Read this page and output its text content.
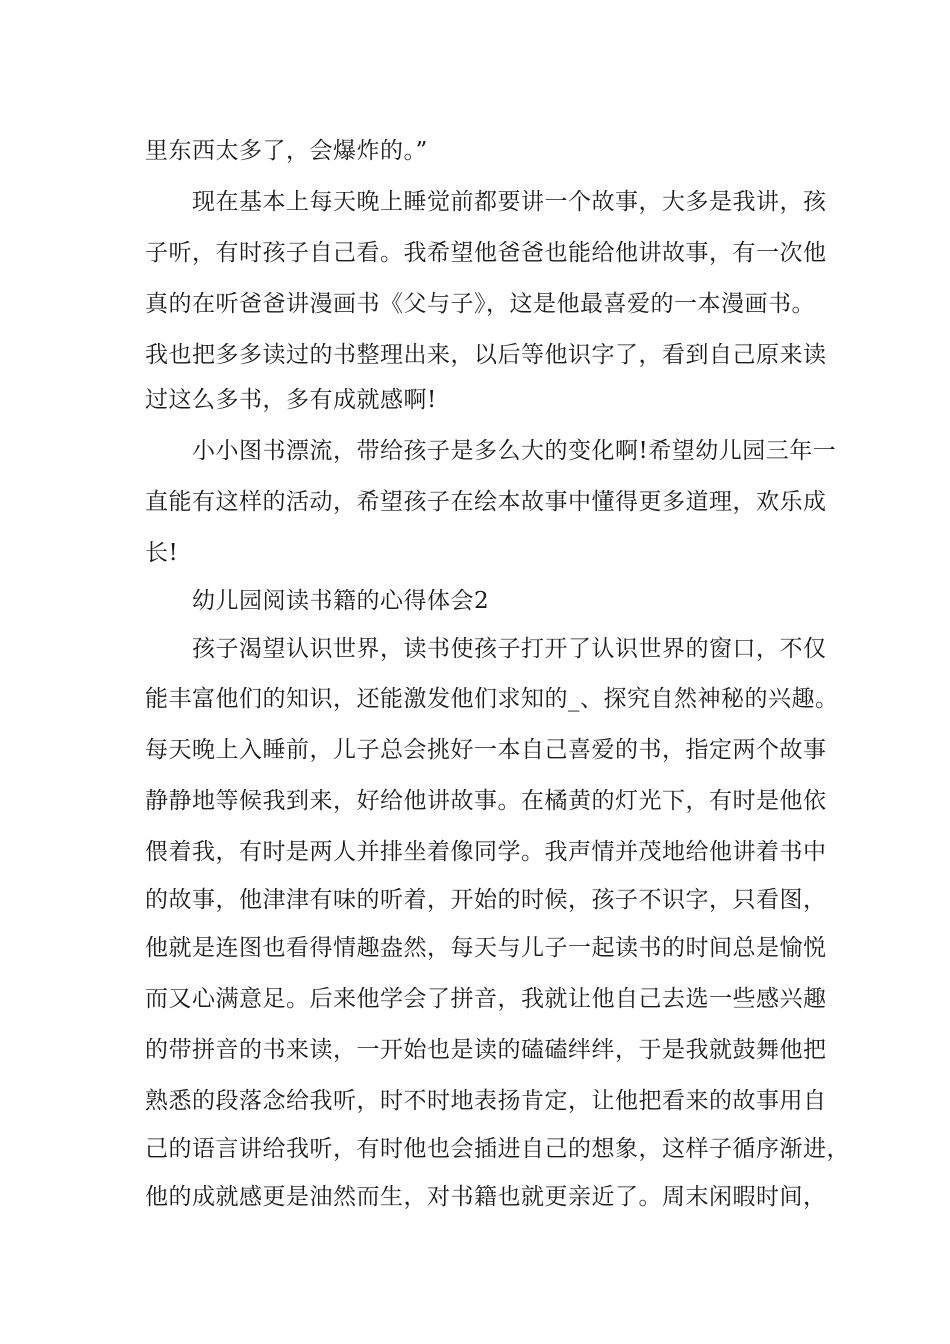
里东西太多了，会爆炸的。”
现在基本上每天晚上睡觉前都要讲一个故事，大多是我讲，孩
子听，有时孩子自己看。我希望他爸爸也能给他讲故事，有一次他
真的在听爸爸讲漫画书《父与子》，这是他最喜爱的一本漫画书。
我也把多多读过的书整理出来，以后等他识字了，看到自己原来读
过这么多书，多有成就感啊!
小小图书漂流，带给孩子是多么大的变化啊!希望幼儿园三年一
直能有这样的活动，希望孩子在绘本故事中懂得更多道理，欢乐成
长!
幼儿园阅读书籍的心得体会2
孩子渴望认识世界，读书使孩子打开了认识世界的窗口，不仅
能丰富他们的知识，还能激发他们求知的_、探究自然神秘的兴趣。
每天晚上入睡前，儿子总会挑好一本自己喜爱的书，指定两个故事
静静地等候我到来，好给他讲故事。在橘黄的灯光下，有时是他依
偎着我，有时是两人并排坐着像同学。我声情并茂地给他讲着书中
的故事，他津津有味的听着，开始的时候，孩子不识字，只看图，
他就是连图也看得情趣盎然，每天与儿子一起读书的时间总是愉悦
而又心满意足。后来他学会了拼音，我就让他自己去选一些感兴趣
的带拼音的书来读，一开始也是读的磕磕绊绊，于是我就鼓舞他把
熟悉的段落念给我听，时不时地表扬肯定，让他把看来的故事用自
己的语言讲给我听，有时他也会插进自己的想象，这样子循序渐进，
他的成就感更是油然而生，对书籍也就更亲近了。周末闲暇时间，
